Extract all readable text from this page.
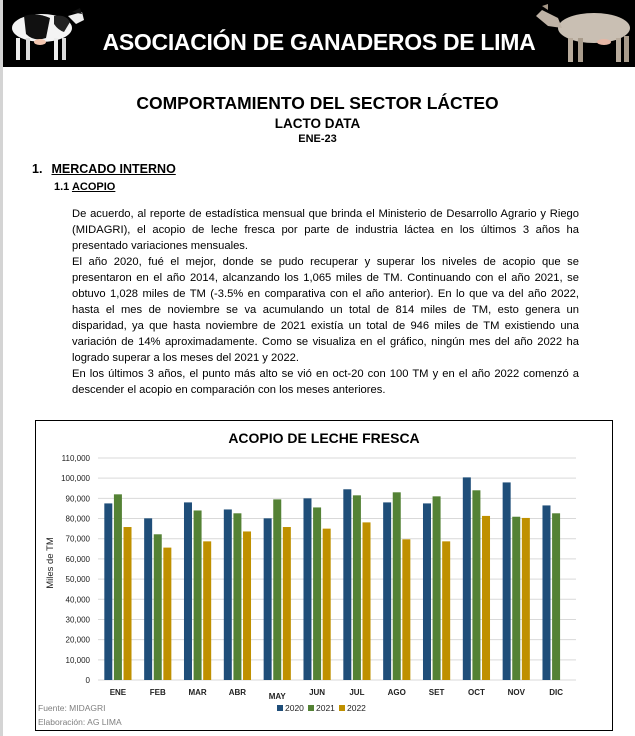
ASOCIACIÓN DE GANADEROS DE LIMA
COMPORTAMIENTO DEL SECTOR LÁCTEO
LACTO DATA
ENE-23
1. MERCADO INTERNO
1.1 ACOPIO

De acuerdo, al reporte de estadística mensual que brinda el Ministerio de Desarrollo Agrario y Riego (MIDAGRI), el acopio de leche fresca por parte de industria láctea en los últimos 3 años ha presentado variaciones mensuales.

El año 2020, fué el mejor, donde se pudo recuperar y superar los niveles de acopio que se presentaron en el año 2014, alcanzando los 1,065 miles de TM. Continuando con el año 2021, se obtuvo 1,028 miles de TM (-3.5% en comparativa con el año anterior). En lo que va del año 2022, hasta el mes de noviembre se va acumulando un total de 814 miles de TM, esto genera un disparidad, ya que hasta noviembre de 2021 existía un total de 946 miles de TM existiendo una variación de 14% aproximadamente. Como se visualiza en el gráfico, ningún mes del año 2022 ha logrado superar a los meses del 2021 y 2022.

En los últimos 3 años, el punto más alto se vió en oct-20 con 100 TM y en el año 2022 comenzó a descender el acopio en comparación con los meses anteriores.

ACOPIO DE LECHE FRESCA
Miles de TM
0
10,000
20,000
30,000
40,000
50,000
60,000
70,000
80,000
90,000
100,000
110,000
ENE	FEB	MAR	ABR	MAY	JUN	JUL	AGO	SET	OCT	NOV	DIC
2020 2021 2022
Fuente: MIDAGRI
Elaboración: AG LIMA
